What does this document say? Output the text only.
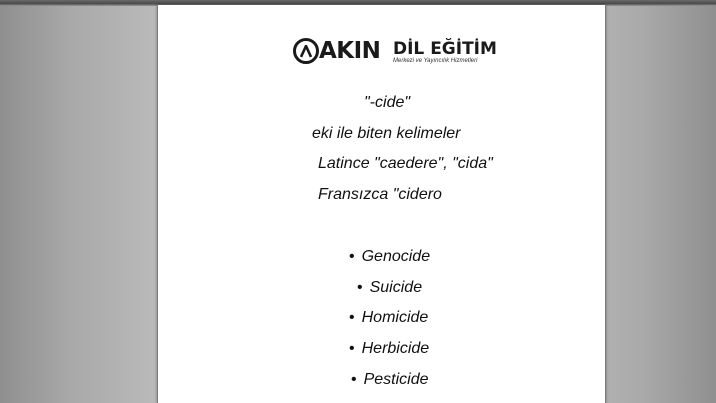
AKIN DİL EĞİTİM
Merkezi ve Yayıncılık Hizmetleri
"-cide"
eki ile biten kelimeler
Latince "caedere", "cida"
Fransızca "cidero
• Genocide
• Suicide
• Homicide
• Herbicide
• Pesticide
